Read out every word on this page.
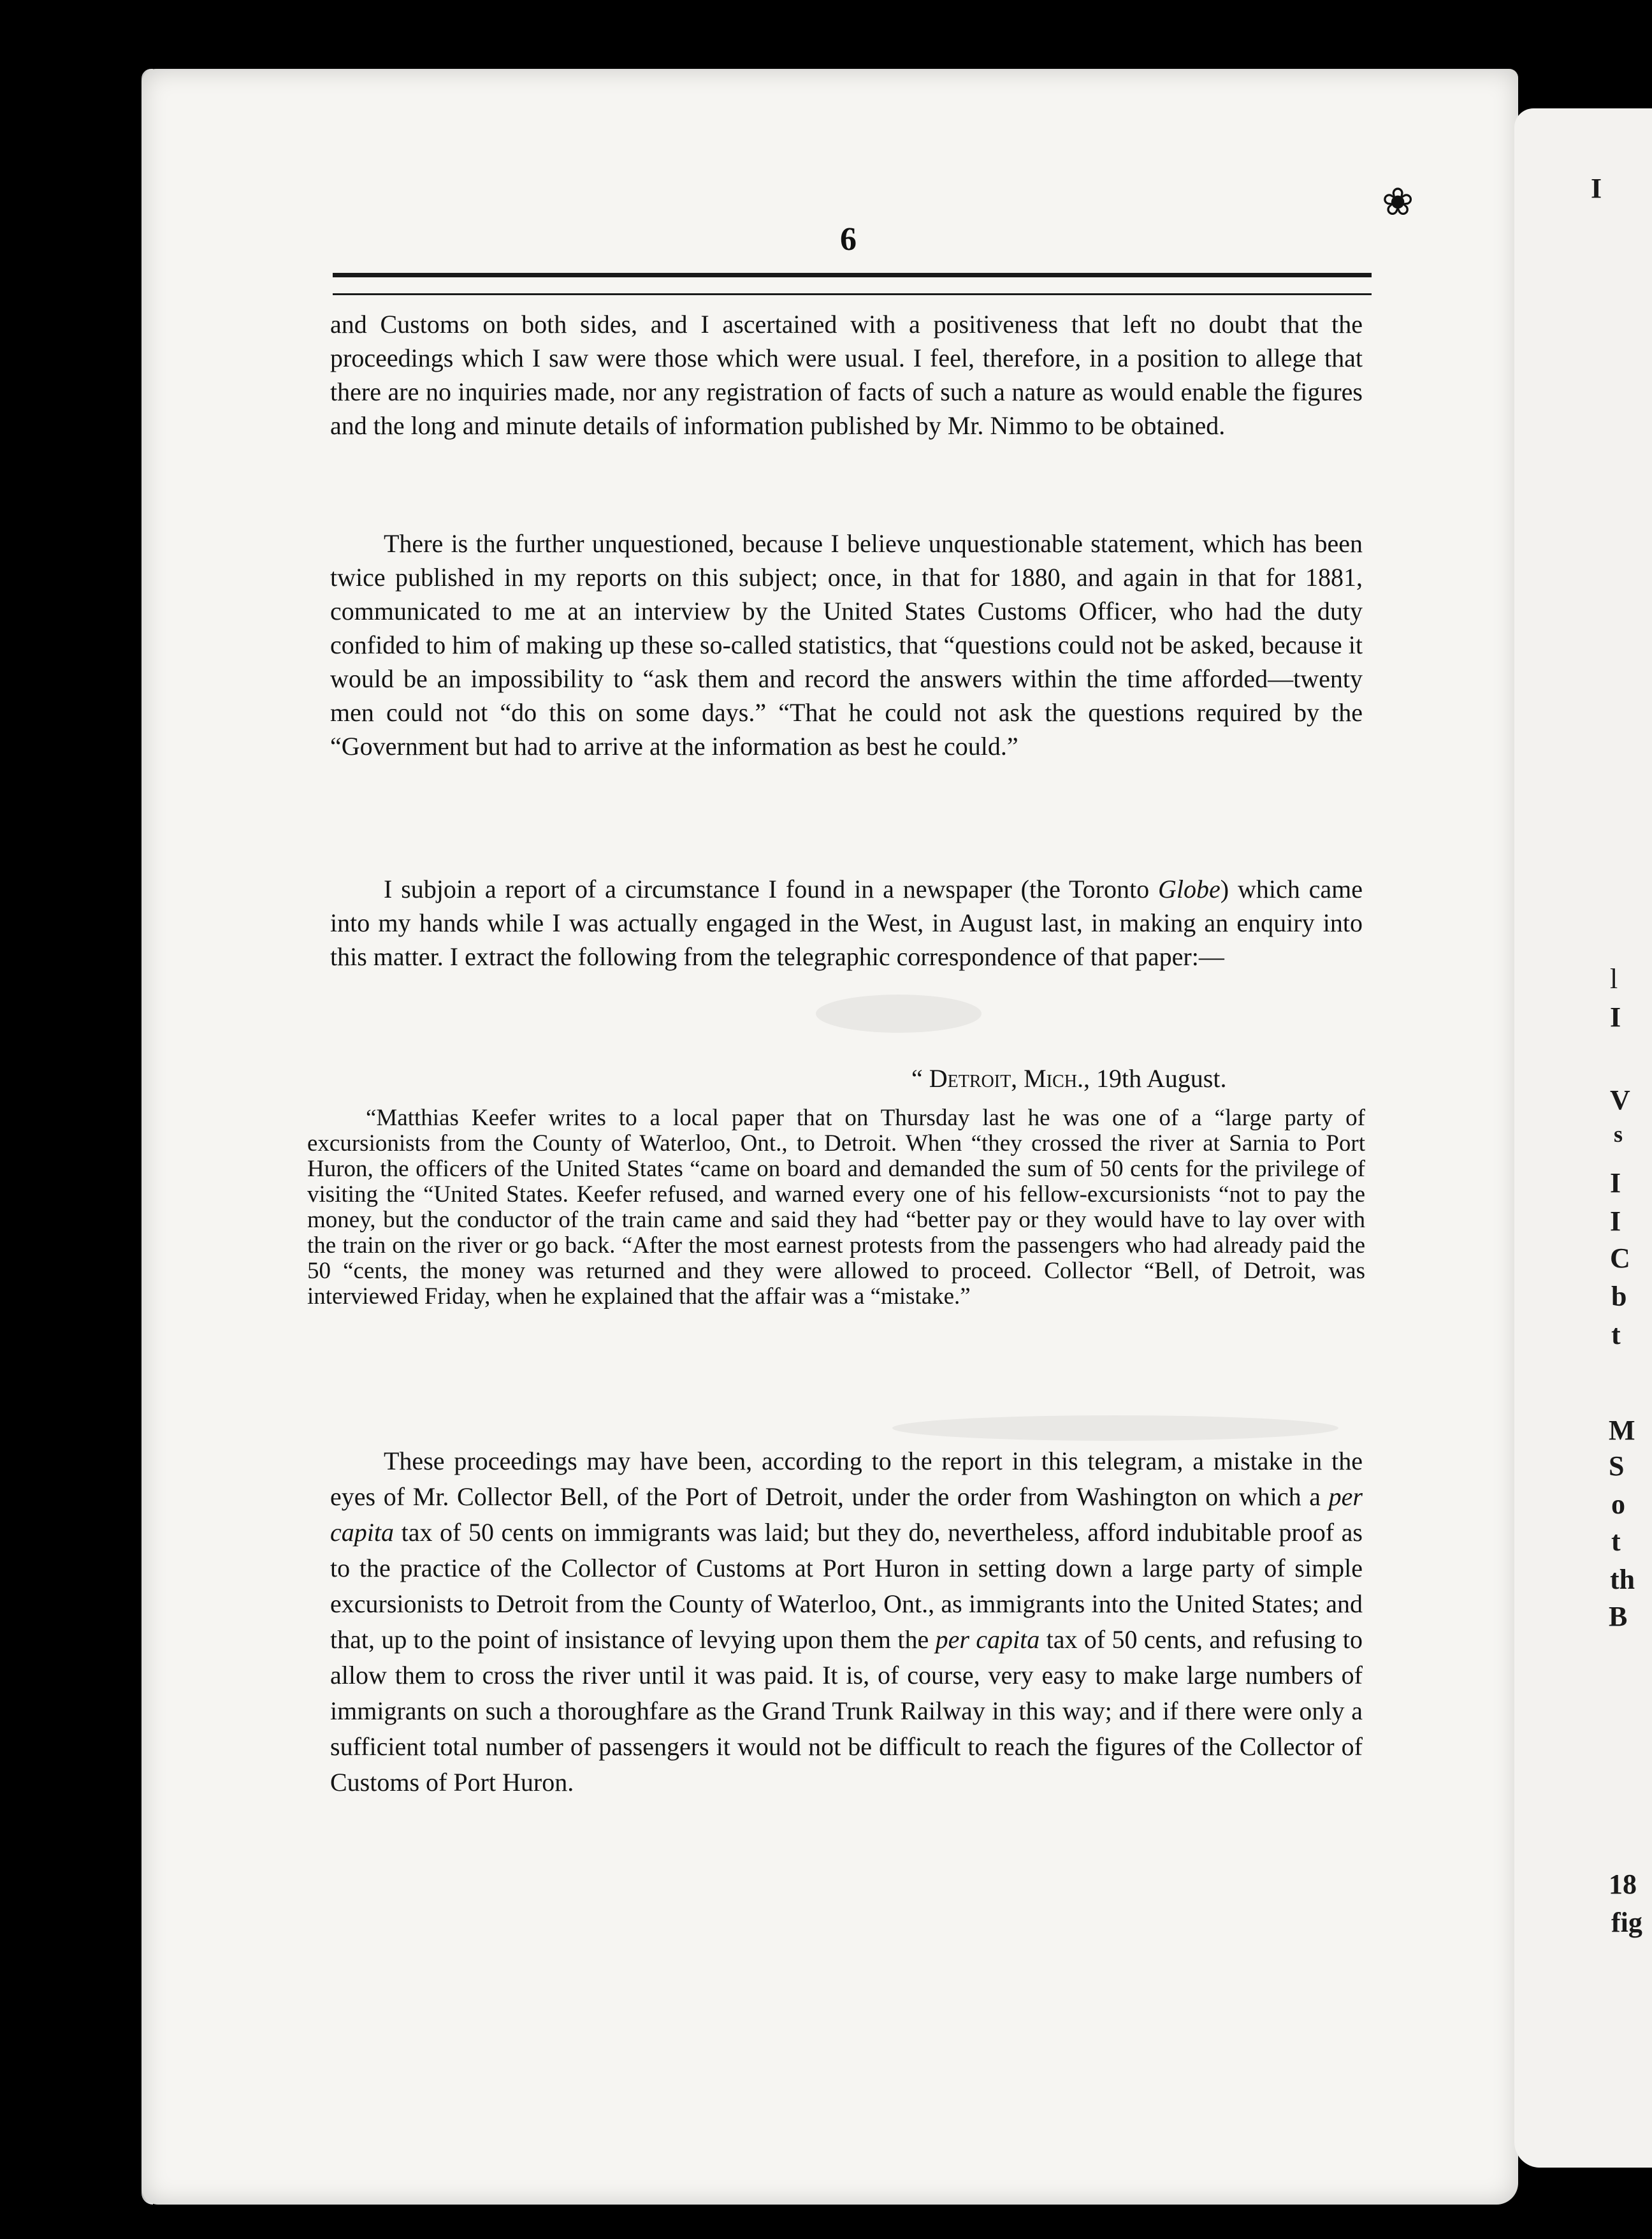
I
l
I
V
s
I
I
C
b
t
M
S
o
t
th
B
18
fig
6
❀

and Customs on both sides, and I ascertained with a positiveness that left no doubt that the proceedings which I saw were those which were usual. I feel, therefore, in a position to allege that there are no inquiries made, nor any registration of facts of such a nature as would enable the figures and the long and minute details of information published by Mr. Nimmo to be obtained.

There is the further unquestioned, because I believe unquestionable statement, which has been twice published in my reports on this subject; once, in that for 1880, and again in that for 1881, communicated to me at an interview by the United States Customs Officer, who had the duty confided to him of making up these so-called statistics, that “questions could not be asked, because it would be an impossibility to “ask them and record the answers within the time afforded—twenty men could not “do this on some days.” “That he could not ask the questions required by the “Government but had to arrive at the information as best he could.”

I subjoin a report of a circumstance I found in a newspaper (the Toronto Globe) which came into my hands while I was actually engaged in the West, in August last, in making an enquiry into this matter. I extract the following from the telegraphic correspondence of that paper:—

“ Detroit, Mich., 19th August.

“Matthias Keefer writes to a local paper that on Thursday last he was one of a “large party of excursionists from the County of Waterloo, Ont., to Detroit. When “they crossed the river at Sarnia to Port Huron, the officers of the United States “came on board and demanded the sum of 50 cents for the privilege of visiting the “United States. Keefer refused, and warned every one of his fellow-excursionists “not to pay the money, but the conductor of the train came and said they had “better pay or they would have to lay over with the train on the river or go back. “After the most earnest protests from the passengers who had already paid the 50 “cents, the money was returned and they were allowed to proceed. Collector “Bell, of Detroit, was interviewed Friday, when he explained that the affair was a “mistake.”

These proceedings may have been, according to the report in this telegram, a mistake in the eyes of Mr. Collector Bell, of the Port of Detroit, under the order from Washington on which a per capita tax of 50 cents on immigrants was laid; but they do, nevertheless, afford indubitable proof as to the practice of the Collector of Customs at Port Huron in setting down a large party of simple excursionists to Detroit from the County of Waterloo, Ont., as immigrants into the United States; and that, up to the point of insistance of levying upon them the per capita tax of 50 cents, and refusing to allow them to cross the river until it was paid. It is, of course, very easy to make large numbers of immigrants on such a thoroughfare as the Grand Trunk Railway in this way; and if there were only a sufficient total number of passengers it would not be difficult to reach the figures of the Collector of Customs of Port Huron.
